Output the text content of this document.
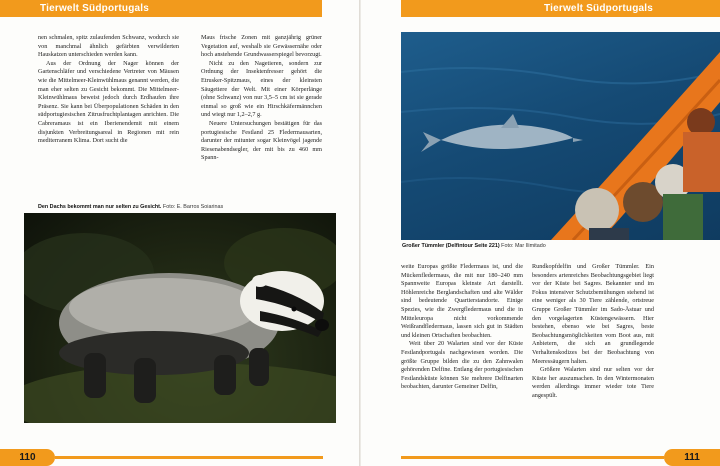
Tierwelt Südportugals

nen schmalen, spitz zulaufenden Schwanz, wodurch sie von manchmal ähnlich gefärbten verwilderten Hauskatzen unterschieden werden kann.

Aus der Ordnung der Nager können der Gartenschläfer und verschiedene Vertreter von Mäusen wie die Mittelmeer-Kleinwühlmaus genannt werden, die man eher selten zu Gesicht bekommt. Die Mittelmeer-Kleinwühlmaus beweist jedoch durch Erdhaufen ihre Präsenz. Sie kann bei Überpopulationen Schäden in den südportugiesischen Zitrusfruchtplantagen anrichten. Die Cabreramaus ist ein Iberienendemit mit einem disjunkten Verbreitungsareal in Regionen mit rein mediterranem Klima. Dort sucht die

Maus frische Zonen mit ganzjährig grüner Vegetation auf, weshalb sie Gewässernähe oder hoch anstehende Grundwasserspiegel bevorzugt.

Nicht zu den Nagetieren, sondern zur Ordnung der Insektenfresser gehört die Etrusker-Spitzmaus, eines der kleinsten Säugetiere der Welt. Mit einer Körperlänge (ohne Schwanz) von nur 3,5–5 cm ist sie gerade einmal so groß wie ein Hirschkäfermännchen und wiegt nur 1,2–2,7 g.

Neuere Untersuchungen bestätigen für das portugiesische Festland 25 Fledermausarten, darunter der mitunter sogar Kleinvögel jagende Riesenabendsegler, der mit bis zu 460 mm Spann-

Den Dachs bekommt man nur selten zu Gesicht. Foto: E. Barros Soiarinas
110
Tierwelt Südportugals
Großer Tümmler (Delfintour Seite 221) Foto: Mar Ilimitado

weite Europas größte Fledermaus ist, und die Mückenfledermaus, die mit nur 180–240 mm Spannweite Europas kleinste Art darstellt. Höhlenreiche Berglandschaften und alte Wälder sind bedeutende Quartierstandorte. Einige Spezies, wie die Zwergfledermaus und die in Mitteleuropa nicht vorkommende Weißrandfledermaus, lassen sich gut in Städten und kleinen Ortschaften beobachten.

Weit über 20 Walarten sind vor der Küste Festlandportugals nachgewiesen worden. Die größte Gruppe bilden die zu den Zahnwalen gehörenden Delfine. Entlang der portugiesischen Festlandsküste können Sie mehrere Delfinarten beobachten, darunter Gemeiner Delfin,

Rundkopfdelfin und Großer Tümmler. Ein besonders artenreiches Beobachtungsgebiet liegt vor der Küste bei Sagres. Bekannter und im Fokus intensiver Schutzbemühungen stehend ist eine weniger als 30 Tiere zählende, ortstreue Gruppe Großer Tümmler im Sado-Ästuar und den vorgelagerten Küstengewässern. Hier bestehen, ebenso wie bei Sagres, beste Beobachtungsmöglichkeiten vom Boot aus, mit Anbietern, die sich an grundlegende Verhaltenskodizes bei der Beobachtung von Meeressäugern halten.

Größere Walarten sind nur selten vor der Küste her auszumachen. In den Wintermonaten werden allerdings immer wieder tote Tiere angespült.

111
